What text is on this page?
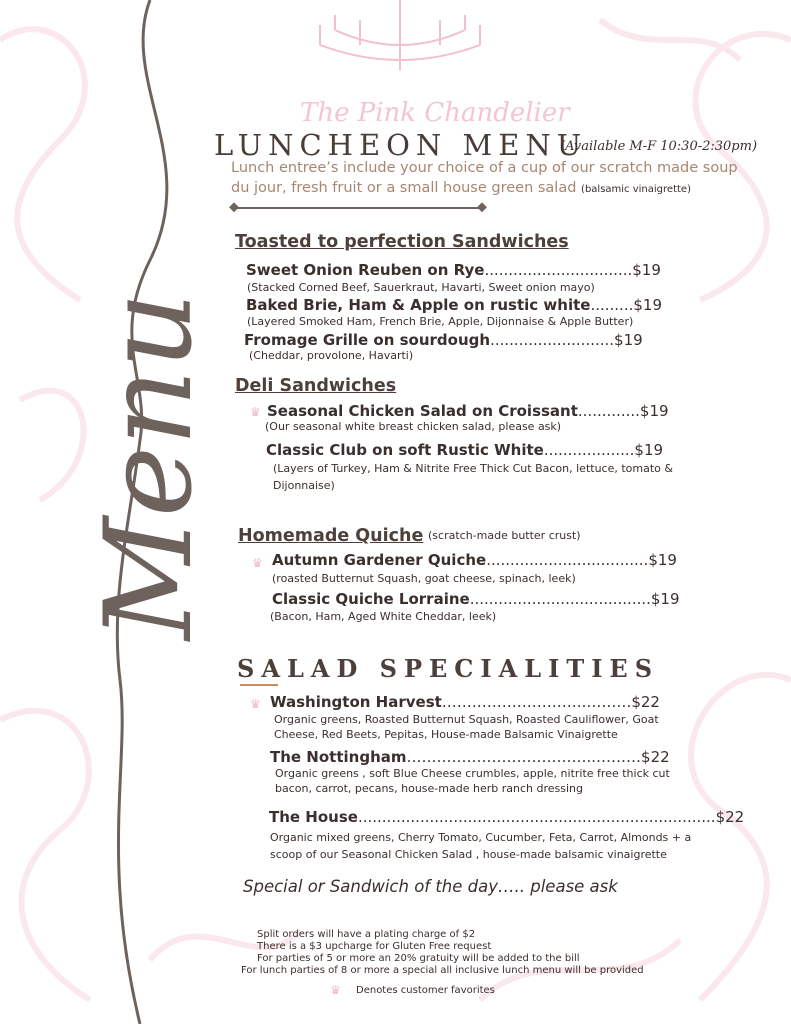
The Pink Chandelier
Menu
LUNCHEON MENU
(Available M-F 10:30-2:30pm)
Lunch entree’s include your choice of a cup of our scratch made soup
du jour, fresh fruit or a small house green salad (balsamic vinaigrette)
Toasted to perfection Sandwiches
Sweet Onion Reuben on Rye...............................$19
(Stacked Corned Beef, Sauerkraut, Havarti, Sweet onion mayo)
Baked Brie, Ham & Apple on rustic white.........$19
(Layered Smoked Ham, French Brie, Apple, Dijonnaise & Apple Butter)
Fromage Grille on sourdough..........................$19
(Cheddar, provolone, Havarti)
Deli Sandwiches
♛ Seasonal Chicken Salad on Croissant.............$19
(Our seasonal white breast chicken salad, please ask)
Classic Club on soft Rustic White...................$19
(Layers of Turkey, Ham & Nitrite Free Thick Cut Bacon, lettuce, tomato &
Dijonnaise)
Homemade Quiche (scratch-made butter crust)
♛ Autumn Gardener Quiche..................................$19
(roasted Butternut Squash, goat cheese, spinach, leek)
Classic Quiche Lorraine......................................$19
(Bacon, Ham, Aged White Cheddar, leek)
SALAD SPECIALITIES
♛ Washington Harvest………………………..………$22
Organic greens, Roasted Butternut Squash, Roasted Cauliflower, Goat
Cheese, Red Beets, Pepitas, House-made Balsamic Vinaigrette
The Nottingham………………………………..………$22
Organic greens , soft Blue Cheese crumbles, apple, nitrite free thick cut
bacon, carrot, pecans, house-made herb ranch dressing
The House...........................................................................$22
Organic mixed greens, Cherry Tomato, Cucumber, Feta, Carrot, Almonds + a
scoop of our Seasonal Chicken Salad , house-made balsamic vinaigrette
Special or Sandwich of the day….. please ask
Split orders will have a plating charge of $2
There is a $3 upcharge for Gluten Free request
For parties of 5 or more an 20% gratuity will be added to the bill
For lunch parties of 8 or more a special all inclusive lunch menu will be provided
♛ Denotes customer favorites
